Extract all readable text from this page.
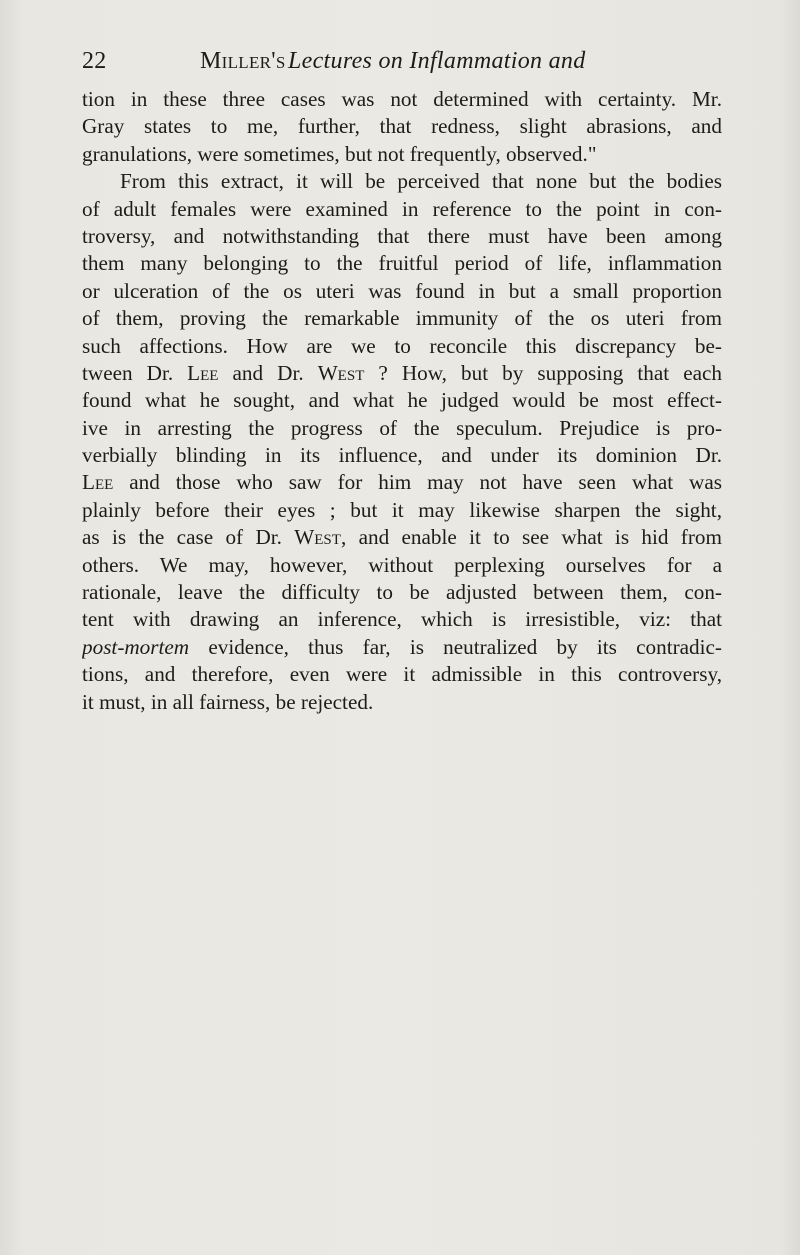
22	Miller's Lectures on Inflammation and
tion in these three cases was not determined with certainty. Mr.
Gray states to me, further, that redness, slight abrasions, and
granulations, were sometimes, but not frequently, observed."
From this extract, it will be perceived that none but the bodies
of adult females were examined in reference to the point in con-
troversy, and notwithstanding that there must have been among
them many belonging to the fruitful period of life, inflammation
or ulceration of the os uteri was found in but a small proportion
of them, proving the remarkable immunity of the os uteri from
such affections. How are we to reconcile this discrepancy be-
tween Dr. Lee and Dr. West ? How, but by supposing that each
found what he sought, and what he judged would be most effect-
ive in arresting the progress of the speculum. Prejudice is pro-
verbially blinding in its influence, and under its dominion Dr.
Lee and those who saw for him may not have seen what was
plainly before their eyes ; but it may likewise sharpen the sight,
as is the case of Dr. West, and enable it to see what is hid from
others. We may, however, without perplexing ourselves for a
rationale, leave the difficulty to be adjusted between them, con-
tent with drawing an inference, which is irresistible, viz: that
post-mortem evidence, thus far, is neutralized by its contradic-
tions, and therefore, even were it admissible in this controversy,
it must, in all fairness, be rejected.
